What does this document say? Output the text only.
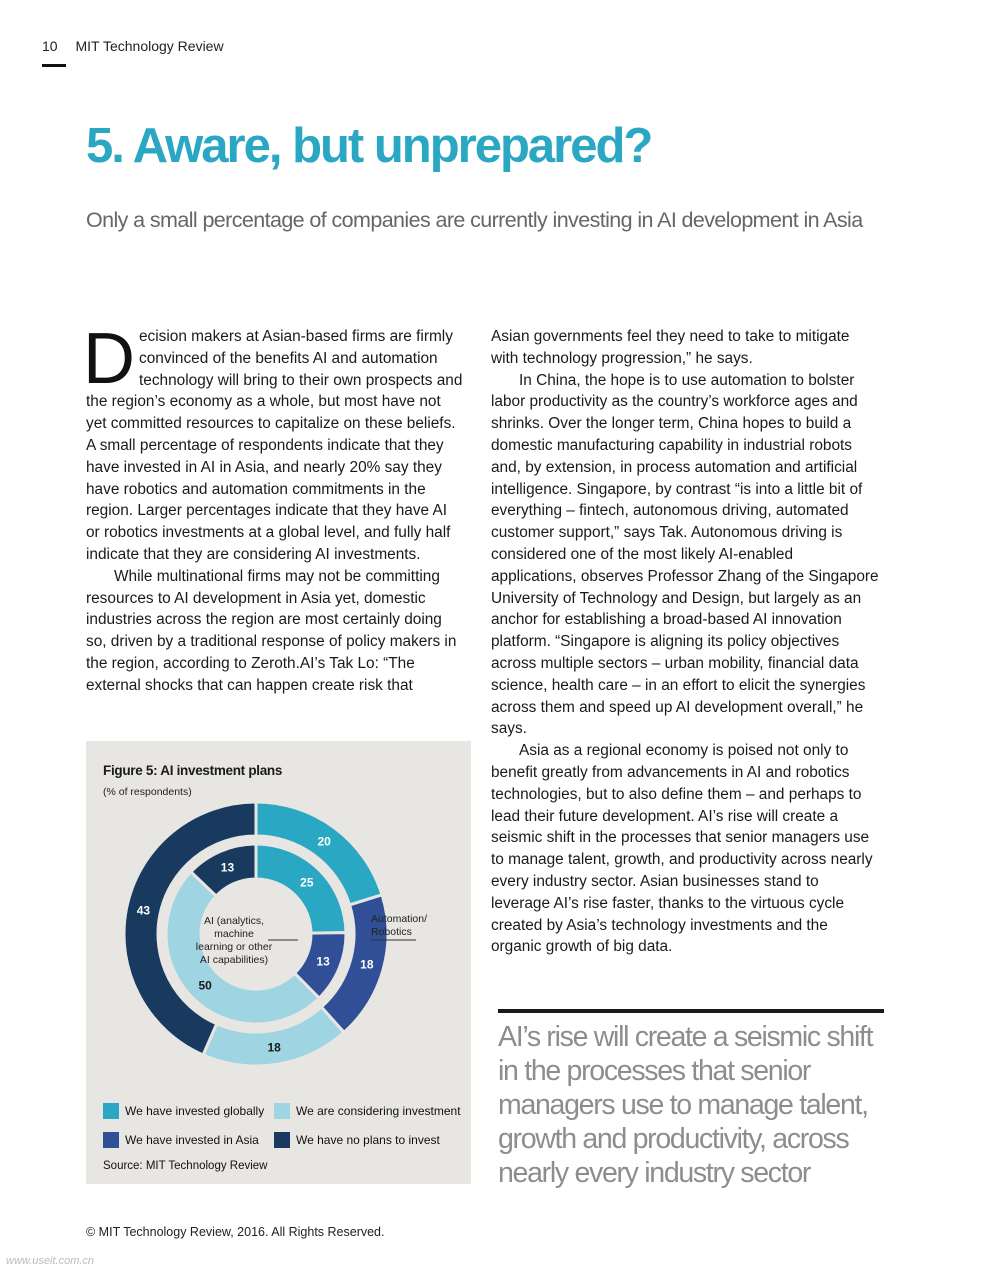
10 MIT Technology Review
5. Aware, but unprepared?
Only a small percentage of companies are currently investing in AI development in Asia

Decision makers at Asian-based firms are firmly convinced of the benefits AI and automation technology will bring to their own prospects and the region’s economy as a whole, but most have not yet committed resources to capitalize on these beliefs. A small percentage of respondents indicate that they have invested in AI in Asia, and nearly 20% say they have robotics and automation commitments in the region. Larger percentages indicate that they have AI or robotics investments at a global level, and fully half indicate that they are considering AI investments.

While multinational firms may not be committing resources to AI development in Asia yet, domestic industries across the region are most certainly doing so, driven by a traditional response of policy makers in the region, according to Zeroth.AI’s Tak Lo: “The external shocks that can happen create risk that

Asian governments feel they need to take to mitigate with technology progression,” he says.

In China, the hope is to use automation to bolster labor productivity as the country’s workforce ages and shrinks. Over the longer term, China hopes to build a domestic manufacturing capability in industrial robots and, by extension, in process automation and artificial intelligence. Singapore, by contrast “is into a little bit of everything – fintech, autonomous driving, automated customer support,” says Tak. Autonomous driving is considered one of the most likely AI-enabled applications, observes Professor Zhang of the Singapore University of Technology and Design, but largely as an anchor for establishing a broad-based AI innovation platform. “Singapore is aligning its policy objectives across multiple sectors – urban mobility, financial data science, health care – in an effort to elicit the synergies across them and speed up AI development overall,” he says.

Asia as a regional economy is poised not only to benefit greatly from advancements in AI and robotics technologies, but to also define them – and perhaps to lead their future development. AI’s rise will create a seismic shift in the processes that senior managers use to manage talent, growth, and productivity across nearly every industry sector. Asian businesses stand to leverage AI’s rise faster, thanks to the virtuous cycle created by Asia’s technology investments and the organic growth of big data.

Figure 5: AI investment plans
(% of respondents)
25
13
50
13
20
18
18
43
AI (analytics,
machine
learning or other
AI capabilities)
Automation/
Robotics
We have invested globally	We are considering investment
We have invested in Asia	We have no plans to invest
Source: MIT Technology Review
AI’s rise will create a seismic shift in the processes that senior managers use to manage talent, growth and productivity, across nearly every industry sector
© MIT Technology Review, 2016. All Rights Reserved.
www.useit.com.cn
